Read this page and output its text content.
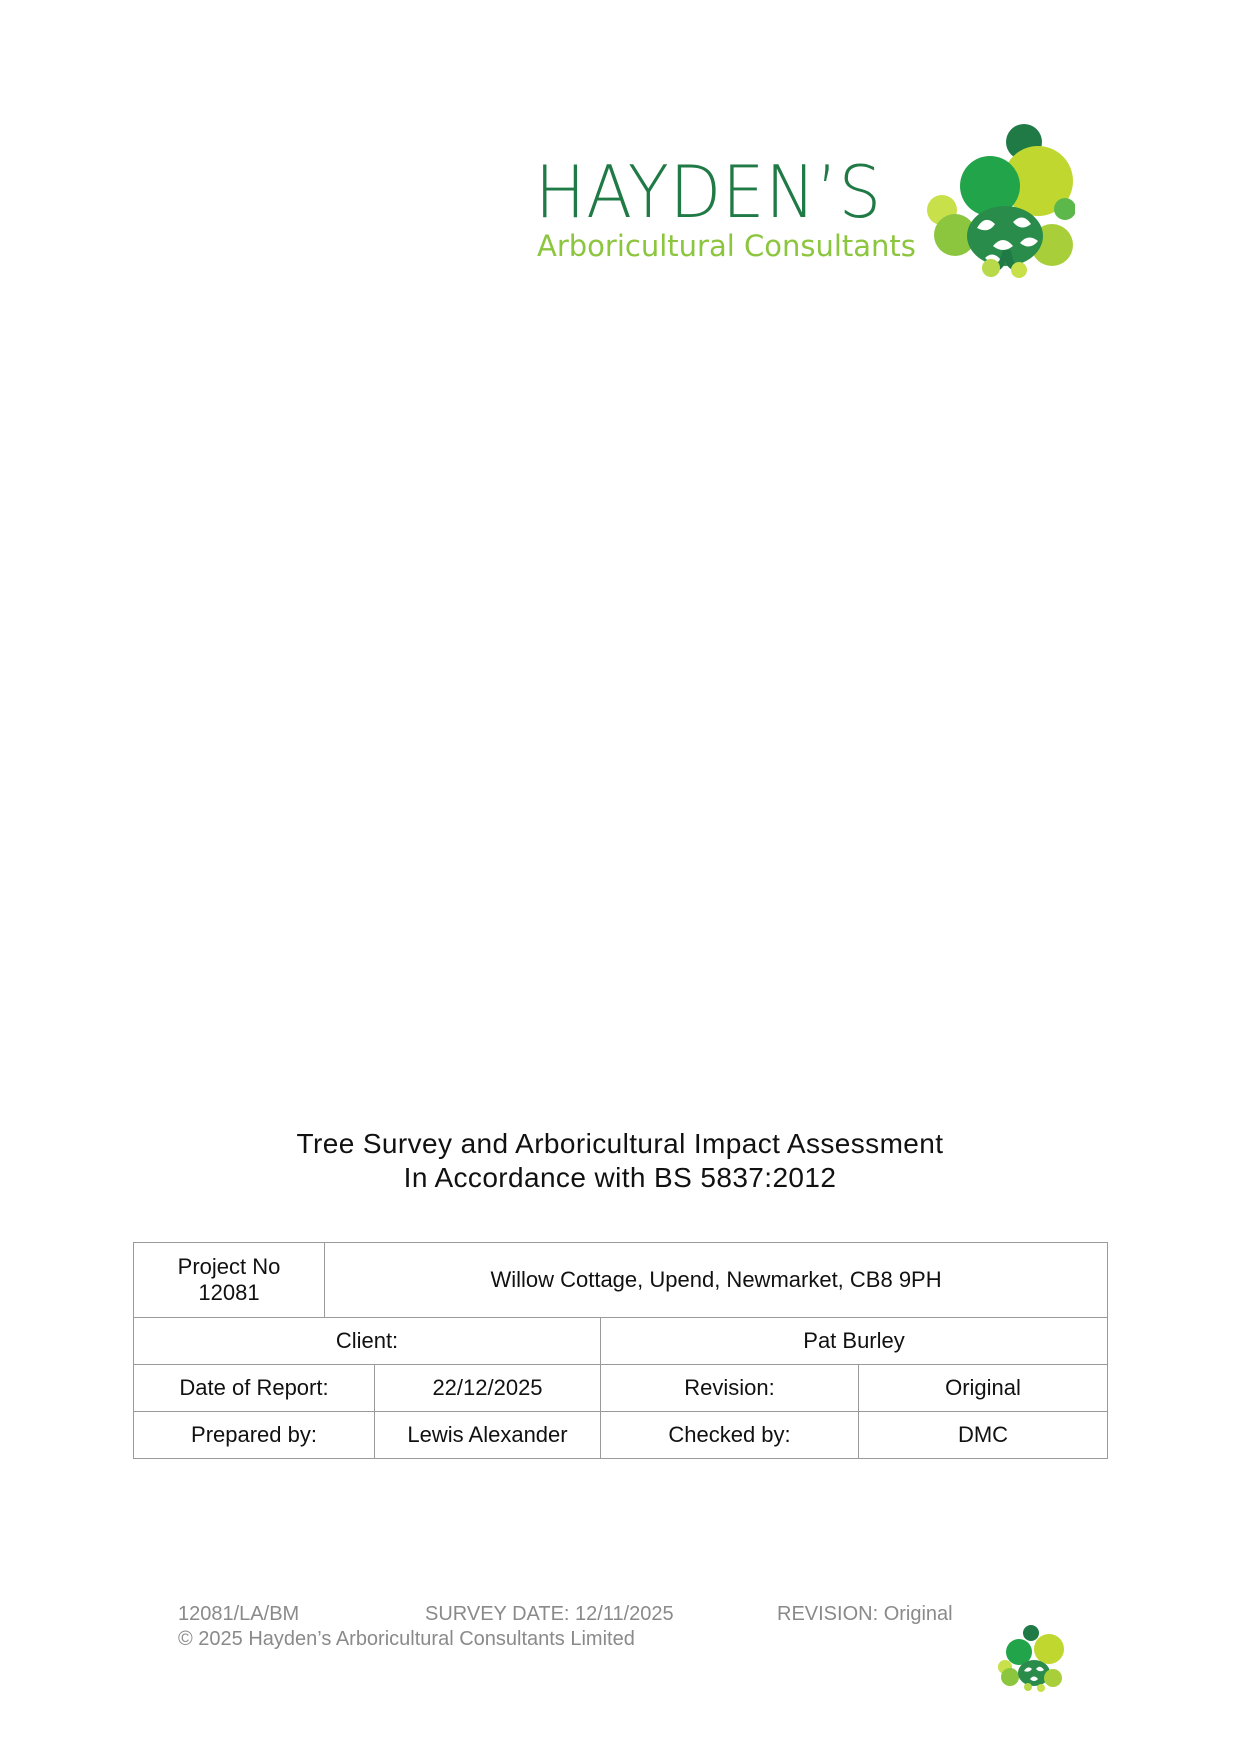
HAYDEN’S
Arboricultural Consultants
Tree Survey and Arboricultural Impact Assessment
In Accordance with BS 5837:2012
Project No
12081	Willow Cottage, Upend, Newmarket, CB8 9PH			
Client:			Pat Burley	
Date of Report:		22/12/2025	Revision:	Original
Prepared by:		Lewis Alexander	Checked by:	DMC
12081/LA/BM	SURVEY DATE: 12/11/2025	REVISION: Original
© 2025 Hayden’s Arboricultural Consultants Limited
